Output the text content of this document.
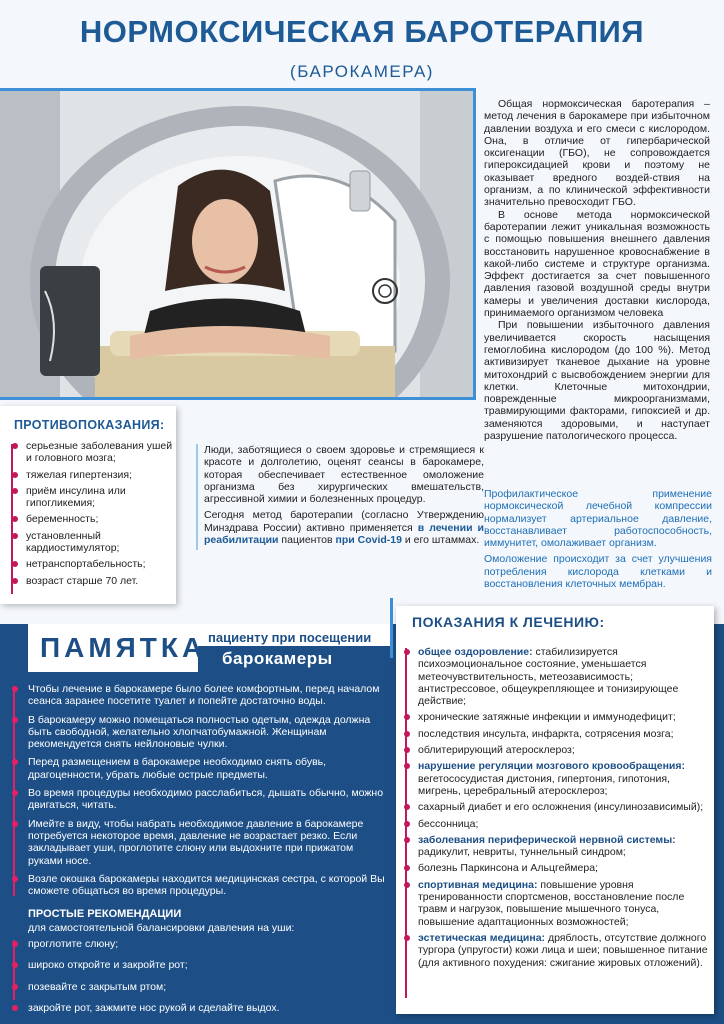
НОРМОКСИЧЕСКАЯ БАРОТЕРАПИЯ
(БАРОКАМЕРА)

Общая нормоксическая баротерапия – метод лечения в барокамере при избыточном давлении воздуха и его смеси с кислородом. Она, в отличие от гипербарической оксигенации (ГБО), не сопровождается гипероксидацией крови и поэтому не оказывает вредного воздей-ствия на организм, а по клинической эффективности значительно превосходит ГБО.

В основе метода нормоксической баротерапии лежит уникальная возможность с помощью повышения внешнего давления восстановить нарушенное кровоснабжение в какой-либо системе и структуре организма. Эффект достигается за счет повышенного давления газовой воздушной среды внутри камеры и увеличения доставки кислорода, принимаемого организмом человека

При повышении избыточного давления увеличивается скорость насыщения гемоглобина кислородом (до 100 %). Метод активизирует тканевое дыхание на уровне митохондрий с высвобождением энергии для клетки. Клеточные митохондрии, поврежденные микроорганизмами, травмирующими факторами, гипоксией и др. заменяются здоровыми, и наступает разрушение патологического процесса.

ПРОТИВОПОКАЗАНИЯ:
серьезные заболевания ушей и головного мозга;
тяжелая гипертензия;
приём инсулина или гипогликемия;
беременность;
установленный кардиостимулятор;
нетранспортабельность;
возраст старше 70 лет.

Люди, заботящиеся о своем здоровье и стремящиеся к красоте и долголетию, оценят сеансы в барокамере, которая обеспечивает естественное омоложение организма без хирургических вмешательств, агрессивной химии и болезненных процедур.

Сегодня метод баротерапии (согласно Утверждению Минздрава России) активно применяется в лечении и реабилитации пациентов при Covid-19 и его штаммах.

Профилактическое применение нормоксической лечебной компрессии нормализует артериальное давление, восстанавливает работоспособность, иммунитет, омолаживает организм.

Омоложение происходит за счет улучшения потребления кислорода клетками и восстановления клеточных мембран.

ПАМЯТКА пациенту при посещении
барокамеры
Чтобы лечение в барокамере было более комфортным, перед началом сеанса заранее посетите туалет и попейте достаточно воды.
В барокамеру можно помещаться полностью одетым, одежда должна быть свободной, желательно хлопчатобумажной. Женщинам рекомендуется снять нейлоновые чулки.
Перед размещением в барокамере необходимо снять обувь, драгоценности, убрать любые острые предметы.
Во время процедуры необходимо расслабиться, дышать обычно, можно двигаться, читать.
Имейте в виду, чтобы набрать необходимое давление в барокамере потребуется некоторое время, давление не возрастает резко. Если закладывает уши, проглотите слюну или выдохните при прижатом руками носе.
Возле окошка барокамеры находится медицинская сестра, с которой Вы сможете общаться во время процедуры.
ПРОСТЫЕ РЕКОМЕНДАЦИИ
для самостоятельной балансировки давления на уши:
проглотите слюну;
широко откройте и закройте рот;
позевайте с закрытым ртом;
закройте рот, зажмите нос рукой и сделайте выдох.
ПОКАЗАНИЯ К ЛЕЧЕНИЮ:
общее оздоровление: стабилизируется психоэмоциональное состояние, уменьшается метеочувствительность, метеозависимость; антистрессовое, общеукрепляющее и тонизирующее действие;
хронические затяжные инфекции и иммунодефицит;
последствия инсульта, инфаркта, сотрясения мозга;
облитерирующий атеросклероз;
нарушение регуляции мозгового кровообращения: вегетососудистая дистония, гипертония, гипотония, мигрень, церебральный атеросклероз;
сахарный диабет и его осложнения (инсулинозависимый);
бессонница;
заболевания периферической нервной системы: радикулит, невриты, туннельный синдром;
болезнь Паркинсона и Альцгеймера;
спортивная медицина: повышение уровня тренированности спортсменов, восстановление после травм и нагрузок, повышение мышечного тонуса, повышение адаптационных возможностей;
эстетическая медицина: дряблость, отсутствие должного тургора (упругости) кожи лица и шеи; повышенное питание (для активного похудения: сжигание жировых отложений).
